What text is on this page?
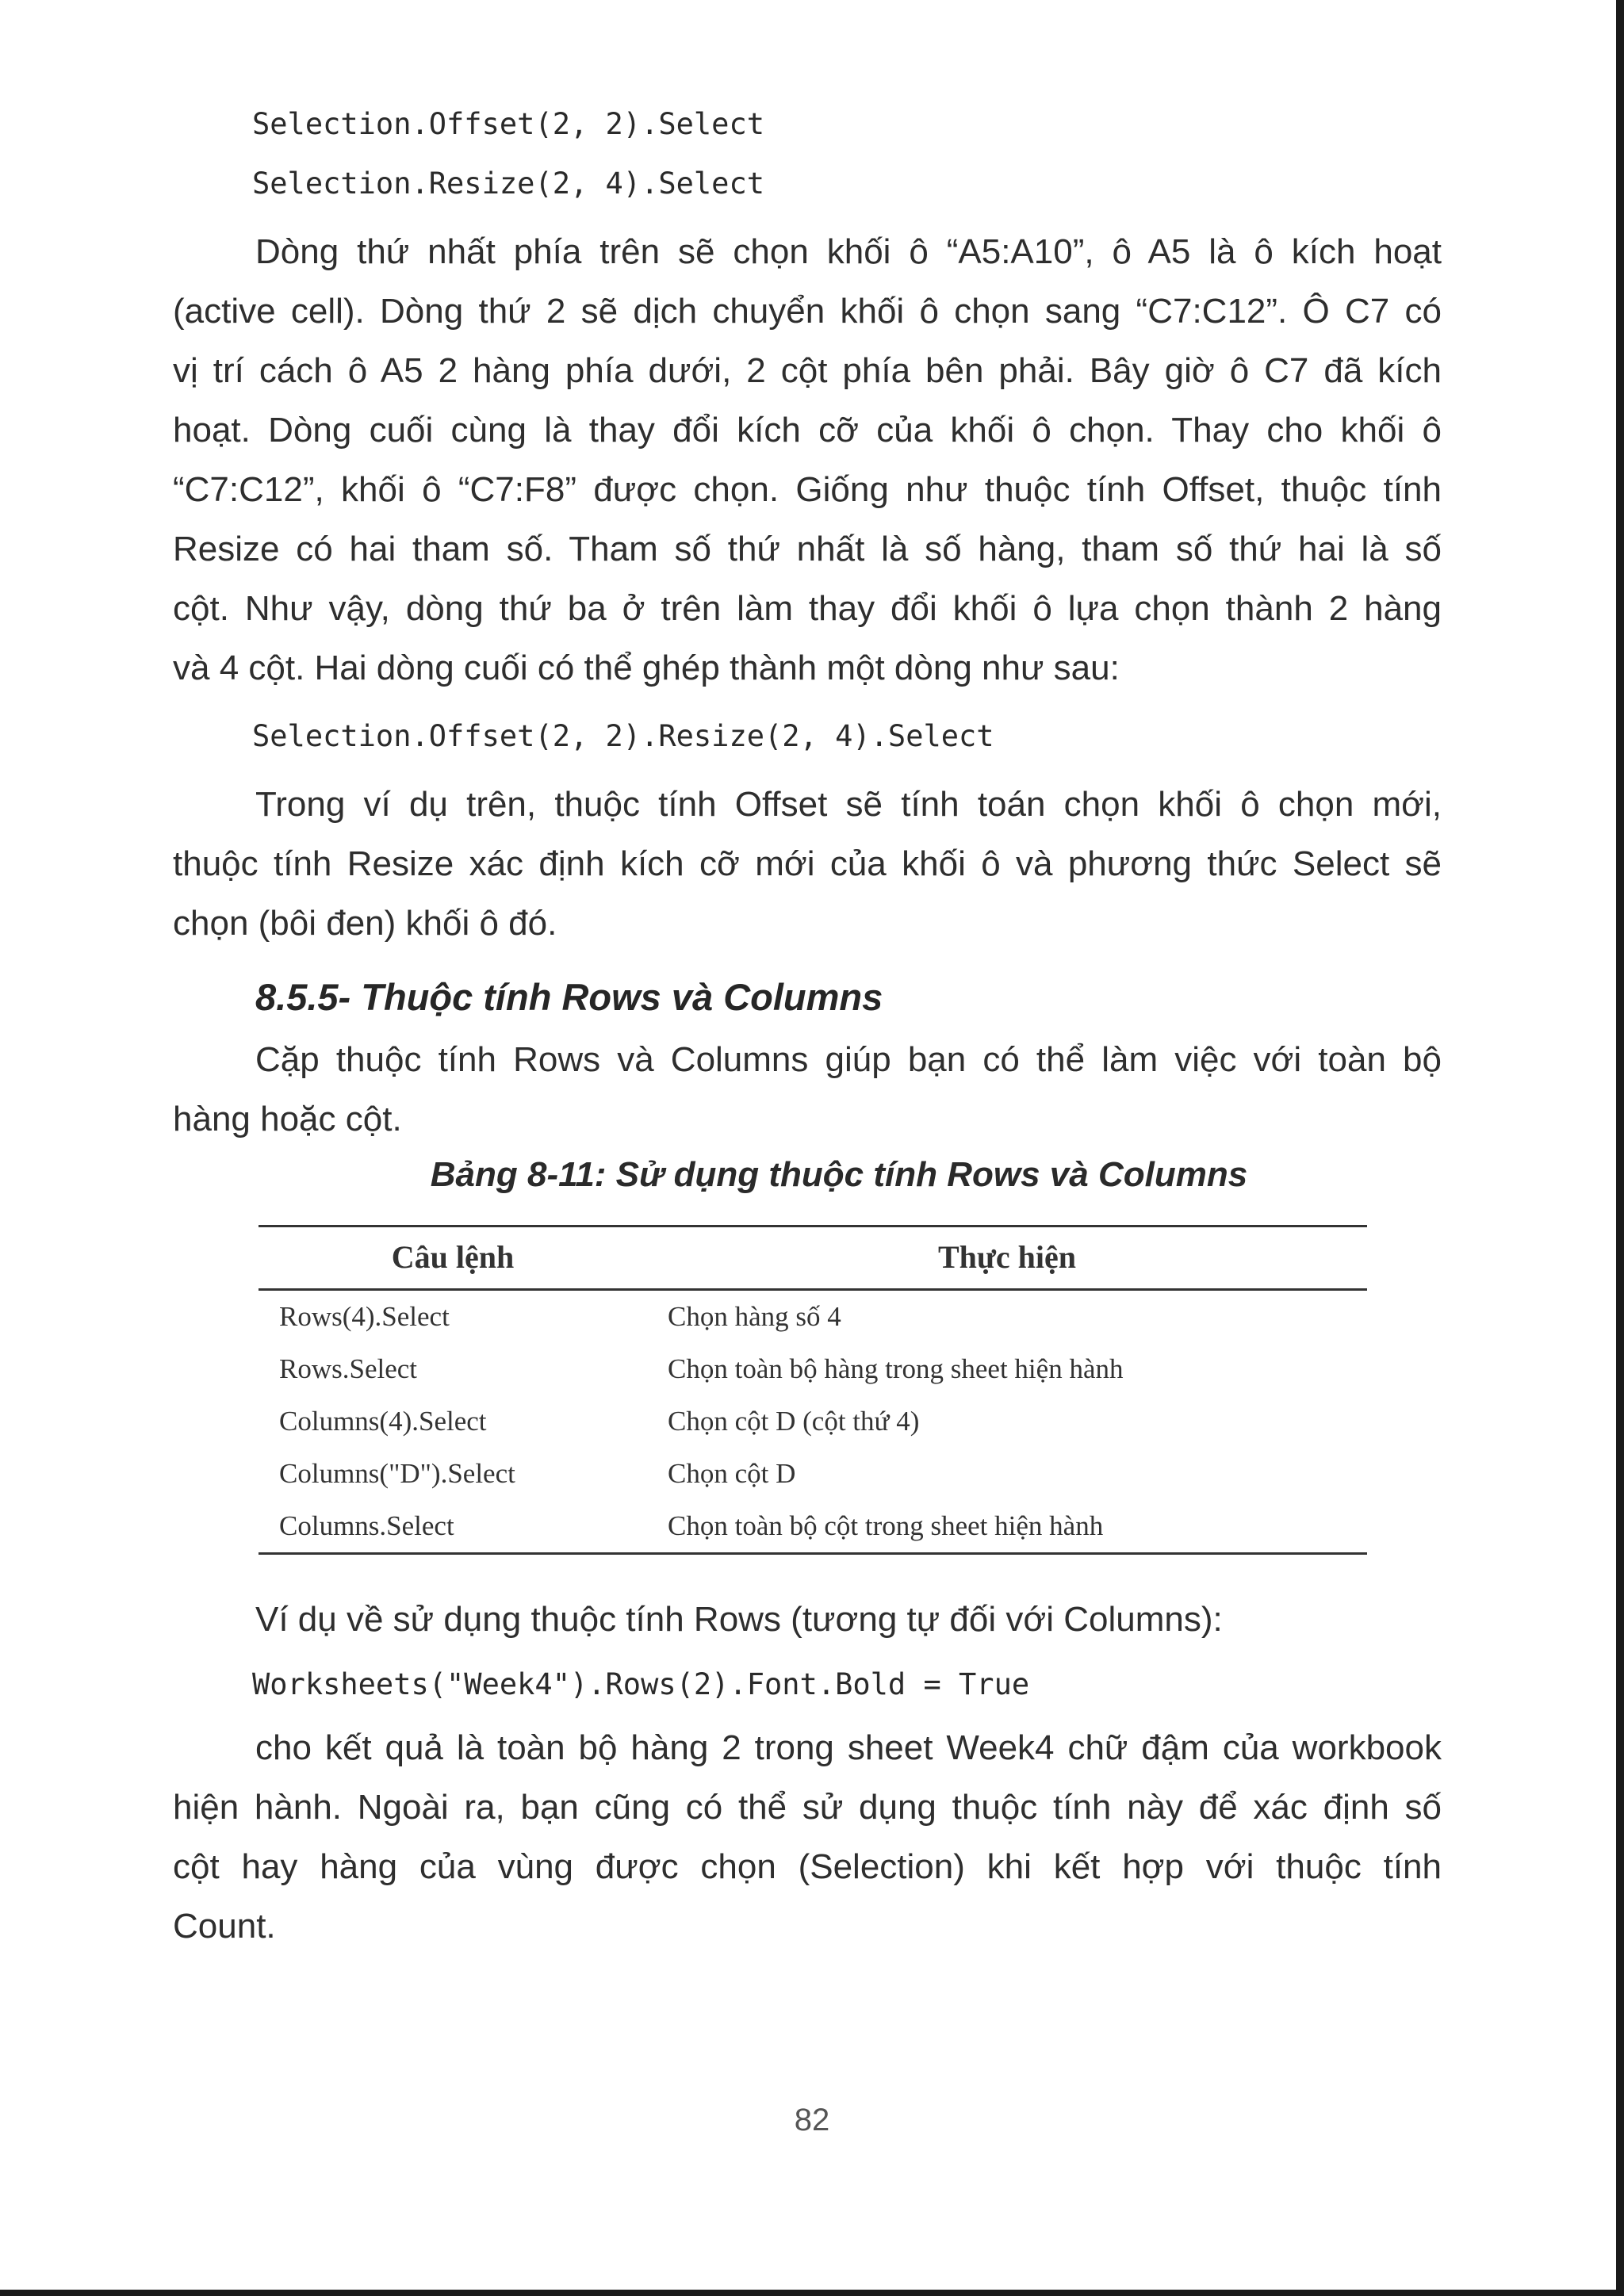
Selection.Offset(2, 2).Select
Selection.Resize(2, 4).Select

Dòng thứ nhất phía trên sẽ chọn khối ô “A5:A10”, ô A5 là ô kích hoạt

(active cell). Dòng thứ 2 sẽ dịch chuyển khối ô chọn sang “C7:C12”. Ô C7 có

vị trí cách ô A5 2 hàng phía dưới, 2 cột phía bên phải. Bây giờ ô C7 đã kích

hoạt. Dòng cuối cùng là thay đổi kích cỡ của khối ô chọn. Thay cho khối ô

“C7:C12”, khối ô “C7:F8” được chọn. Giống như thuộc tính Offset, thuộc tính

Resize có hai tham số. Tham số thứ nhất là số hàng, tham số thứ hai là số

cột. Như vậy, dòng thứ ba ở trên làm thay đổi khối ô lựa chọn thành 2 hàng

và 4 cột. Hai dòng cuối có thể ghép thành một dòng như sau:

Selection.Offset(2, 2).Resize(2, 4).Select

Trong ví dụ trên, thuộc tính Offset sẽ tính toán chọn khối ô chọn mới,

thuộc tính Resize xác định kích cỡ mới của khối ô và phương thức Select sẽ

chọn (bôi đen) khối ô đó.

8.5.5- Thuộc tính Rows và Columns

Cặp thuộc tính Rows và Columns giúp bạn có thể làm việc với toàn bộ

hàng hoặc cột.

Bảng 8-11: Sử dụng thuộc tính Rows và Columns

Câu lệnh	Thực hiện
Rows(4).Select	Chọn hàng số 4
Rows.Select	Chọn toàn bộ hàng trong sheet hiện hành
Columns(4).Select	Chọn cột D (cột thứ 4)
Columns("D").Select	Chọn cột D
Columns.Select	Chọn toàn bộ cột trong sheet hiện hành

Ví dụ về sử dụng thuộc tính Rows (tương tự đối với Columns):

Worksheets("Week4").Rows(2).Font.Bold = True

cho kết quả là toàn bộ hàng 2 trong sheet Week4 chữ đậm của workbook

hiện hành. Ngoài ra, bạn cũng có thể sử dụng thuộc tính này để xác định số

cột hay hàng của vùng được chọn (Selection) khi kết hợp với thuộc tính

Count.

82
